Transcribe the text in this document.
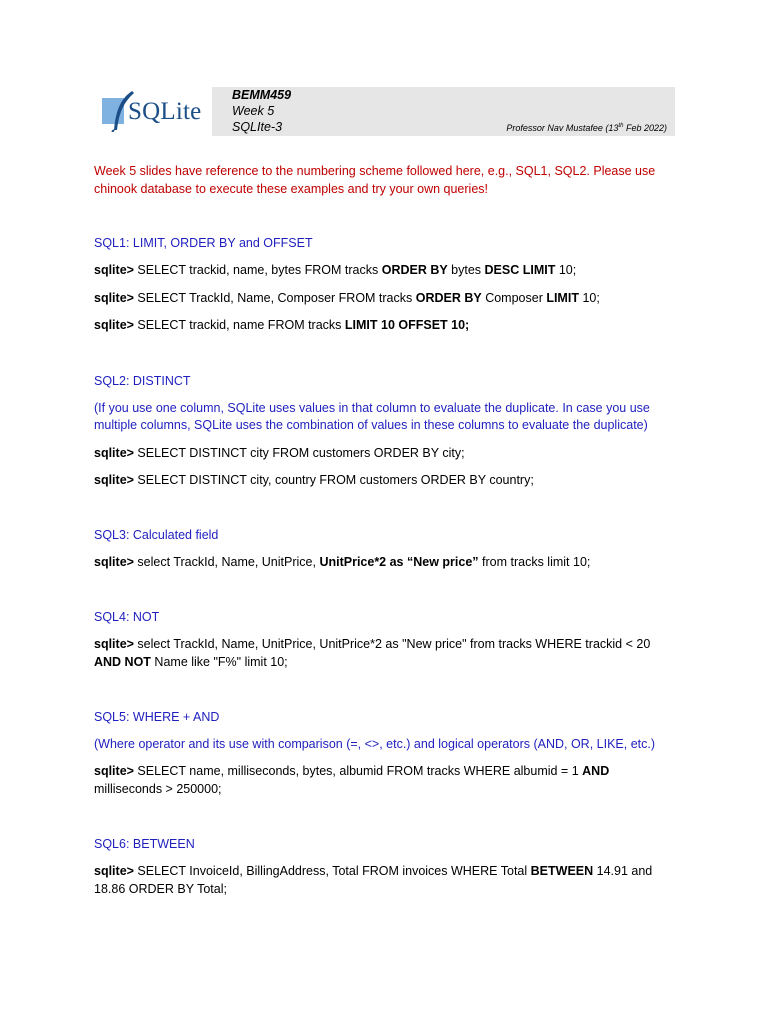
SQLite
BEMM459
Week 5
SQLIte-3	Professor Nav Mustafee (13th Feb 2022)
Week 5 slides have reference to the numbering scheme followed here, e.g., SQL1, SQL2. Please use
chinook database to execute these examples and try your own queries!
SQL1: LIMIT, ORDER BY and OFFSET
sqlite> SELECT trackid, name, bytes FROM tracks ORDER BY bytes DESC LIMIT 10;
sqlite> SELECT TrackId, Name, Composer FROM tracks ORDER BY Composer LIMIT 10;
sqlite> SELECT trackid, name FROM tracks LIMIT 10 OFFSET 10;
SQL2: DISTINCT
(If you use one column, SQLite uses values in that column to evaluate the duplicate. In case you use
multiple columns, SQLite uses the combination of values in these columns to evaluate the duplicate)
sqlite> SELECT DISTINCT city FROM customers ORDER BY city;
sqlite> SELECT DISTINCT city, country FROM customers ORDER BY country;
SQL3: Calculated field
sqlite> select TrackId, Name, UnitPrice, UnitPrice*2 as “New price” from tracks limit 10;
SQL4: NOT
sqlite> select TrackId, Name, UnitPrice, UnitPrice*2 as "New price" from tracks WHERE trackid < 20
AND NOT Name like "F%" limit 10;
SQL5: WHERE + AND
(Where operator and its use with comparison (=, <>, etc.) and logical operators (AND, OR, LIKE, etc.)
sqlite> SELECT name, milliseconds, bytes, albumid FROM tracks WHERE albumid = 1 AND
milliseconds > 250000;
SQL6: BETWEEN
sqlite> SELECT InvoiceId, BillingAddress, Total FROM invoices WHERE Total BETWEEN 14.91 and
18.86 ORDER BY Total;
